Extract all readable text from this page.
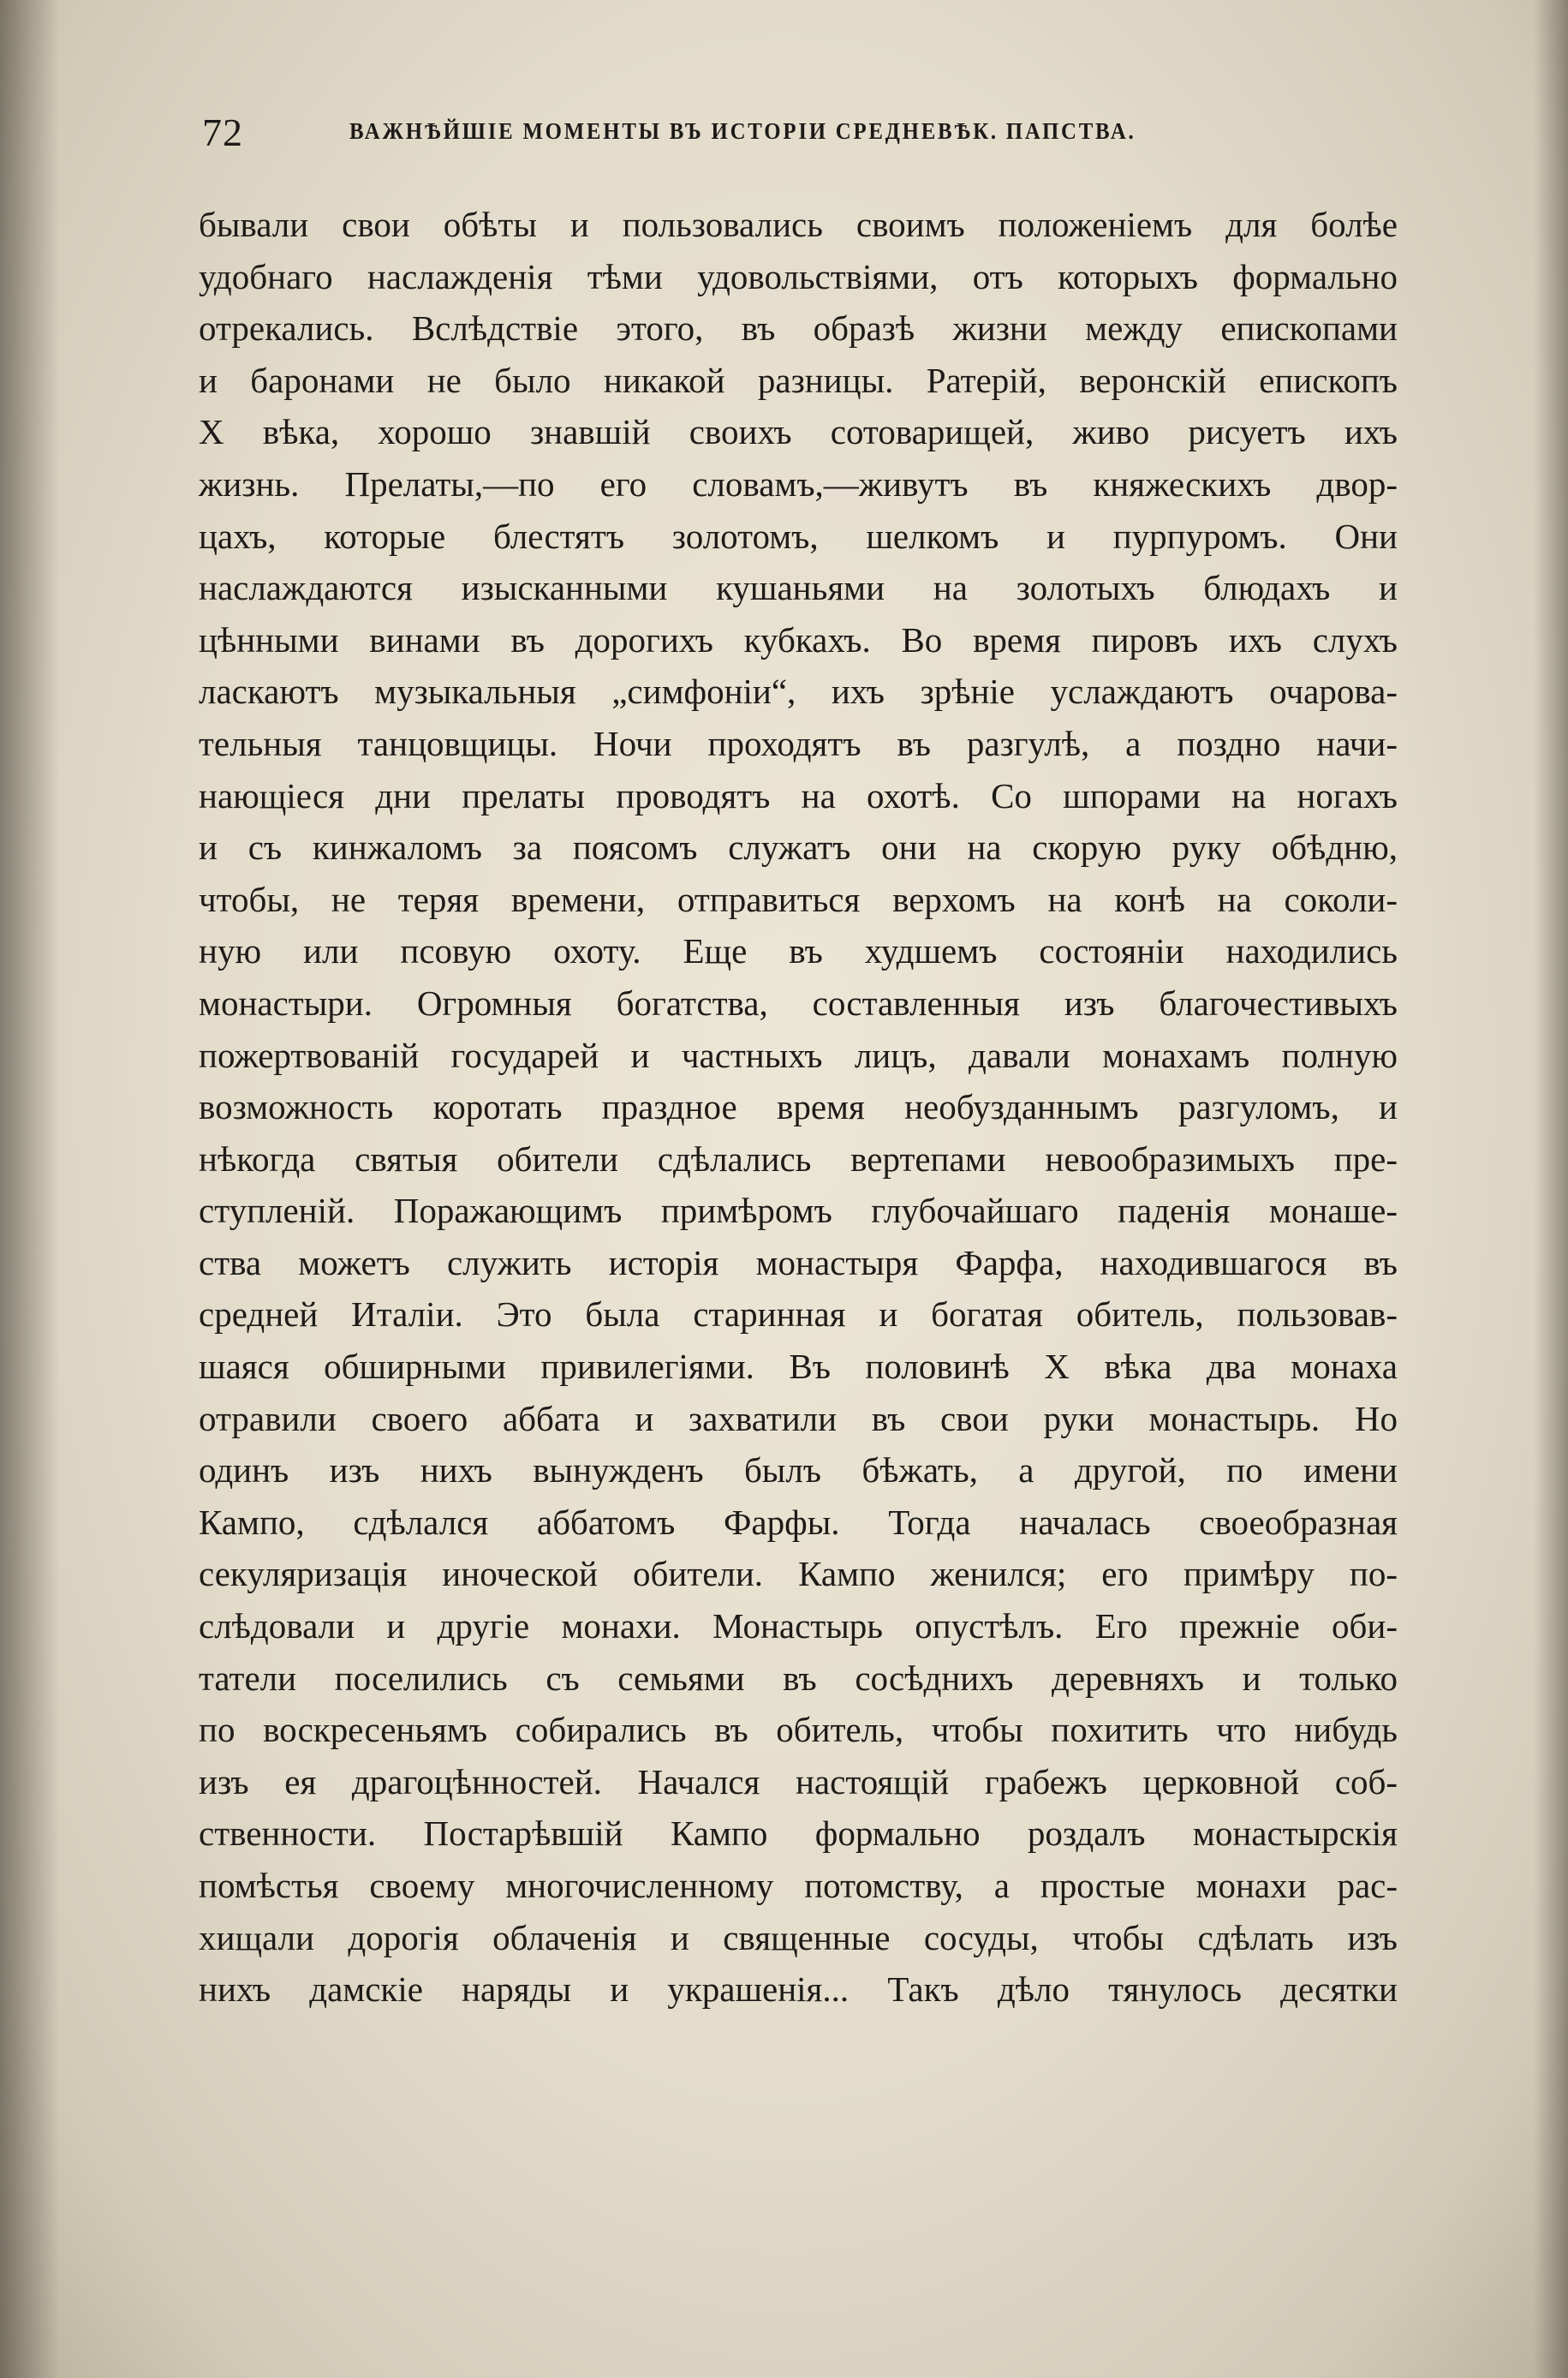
72	ВАЖНѢЙШІЕ МОМЕНТЫ ВЪ ИСТОРІИ СРЕДНЕВѢК. ПАПСТВА.
бывали свои обѣты и пользовались своимъ положеніемъ для болѣе
удобнаго наслажденія тѣми удовольствіями, отъ которыхъ формально
отрекались. Вслѣдствіе этого, въ образѣ жизни между епископами
и баронами не было никакой разницы. Ратерій, веронскій епископъ
X вѣка, хорошо знавшій своихъ сотоварищей, живо рисуетъ ихъ
жизнь. Прелаты,—по его словамъ,—живутъ въ княжескихъ двор-
цахъ, которые блестятъ золотомъ, шелкомъ и пурпуромъ. Они
наслаждаются изысканными кушаньями на золотыхъ блюдахъ и
цѣнными винами въ дорогихъ кубкахъ. Во время пировъ ихъ слухъ
ласкаютъ музыкальныя „симфоніи“, ихъ зрѣніе услаждаютъ очарова-
тельныя танцовщицы. Ночи проходятъ въ разгулѣ, а поздно начи-
нающіеся дни прелаты проводятъ на охотѣ. Со шпорами на ногахъ
и съ кинжаломъ за поясомъ служатъ они на скорую руку обѣдню,
чтобы, не теряя времени, отправиться верхомъ на конѣ на соколи-
ную или псовую охоту. Еще въ худшемъ состояніи находились
монастыри. Огромныя богатства, составленныя изъ благочестивыхъ
пожертвованій государей и частныхъ лицъ, давали монахамъ полную
возможность коротать праздное время необузданнымъ разгуломъ, и
нѣкогда святыя обители сдѣлались вертепами невообразимыхъ пре-
ступленій. Поражающимъ примѣромъ глубочайшаго паденія монаше-
ства можетъ служить исторія монастыря Фарфа, находившагося въ
средней Италіи. Это была старинная и богатая обитель, пользовав-
шаяся обширными привилегіями. Въ половинѣ X вѣка два монаха
отравили своего аббата и захватили въ свои руки монастырь. Но
одинъ изъ нихъ вынужденъ былъ бѣжать, а другой, по имени
Кампо, сдѣлался аббатомъ Фарфы. Тогда началась своеобразная
секуляризація иноческой обители. Кампо женился; его примѣру по-
слѣдовали и другіе монахи. Монастырь опустѣлъ. Его прежніе оби-
татели поселились съ семьями въ сосѣднихъ деревняхъ и только
по воскресеньямъ собирались въ обитель, чтобы похитить что нибудь
изъ ея драгоцѣнностей. Начался настоящій грабежъ церковной соб-
ственности. Постарѣвшій Кампо формально роздалъ монастырскія
помѣстья своему многочисленному потомству, а простые монахи рас-
хищали дорогія облаченія и священные сосуды, чтобы сдѣлать изъ
нихъ дамскіе наряды и украшенія... Такъ дѣло тянулось десятки
